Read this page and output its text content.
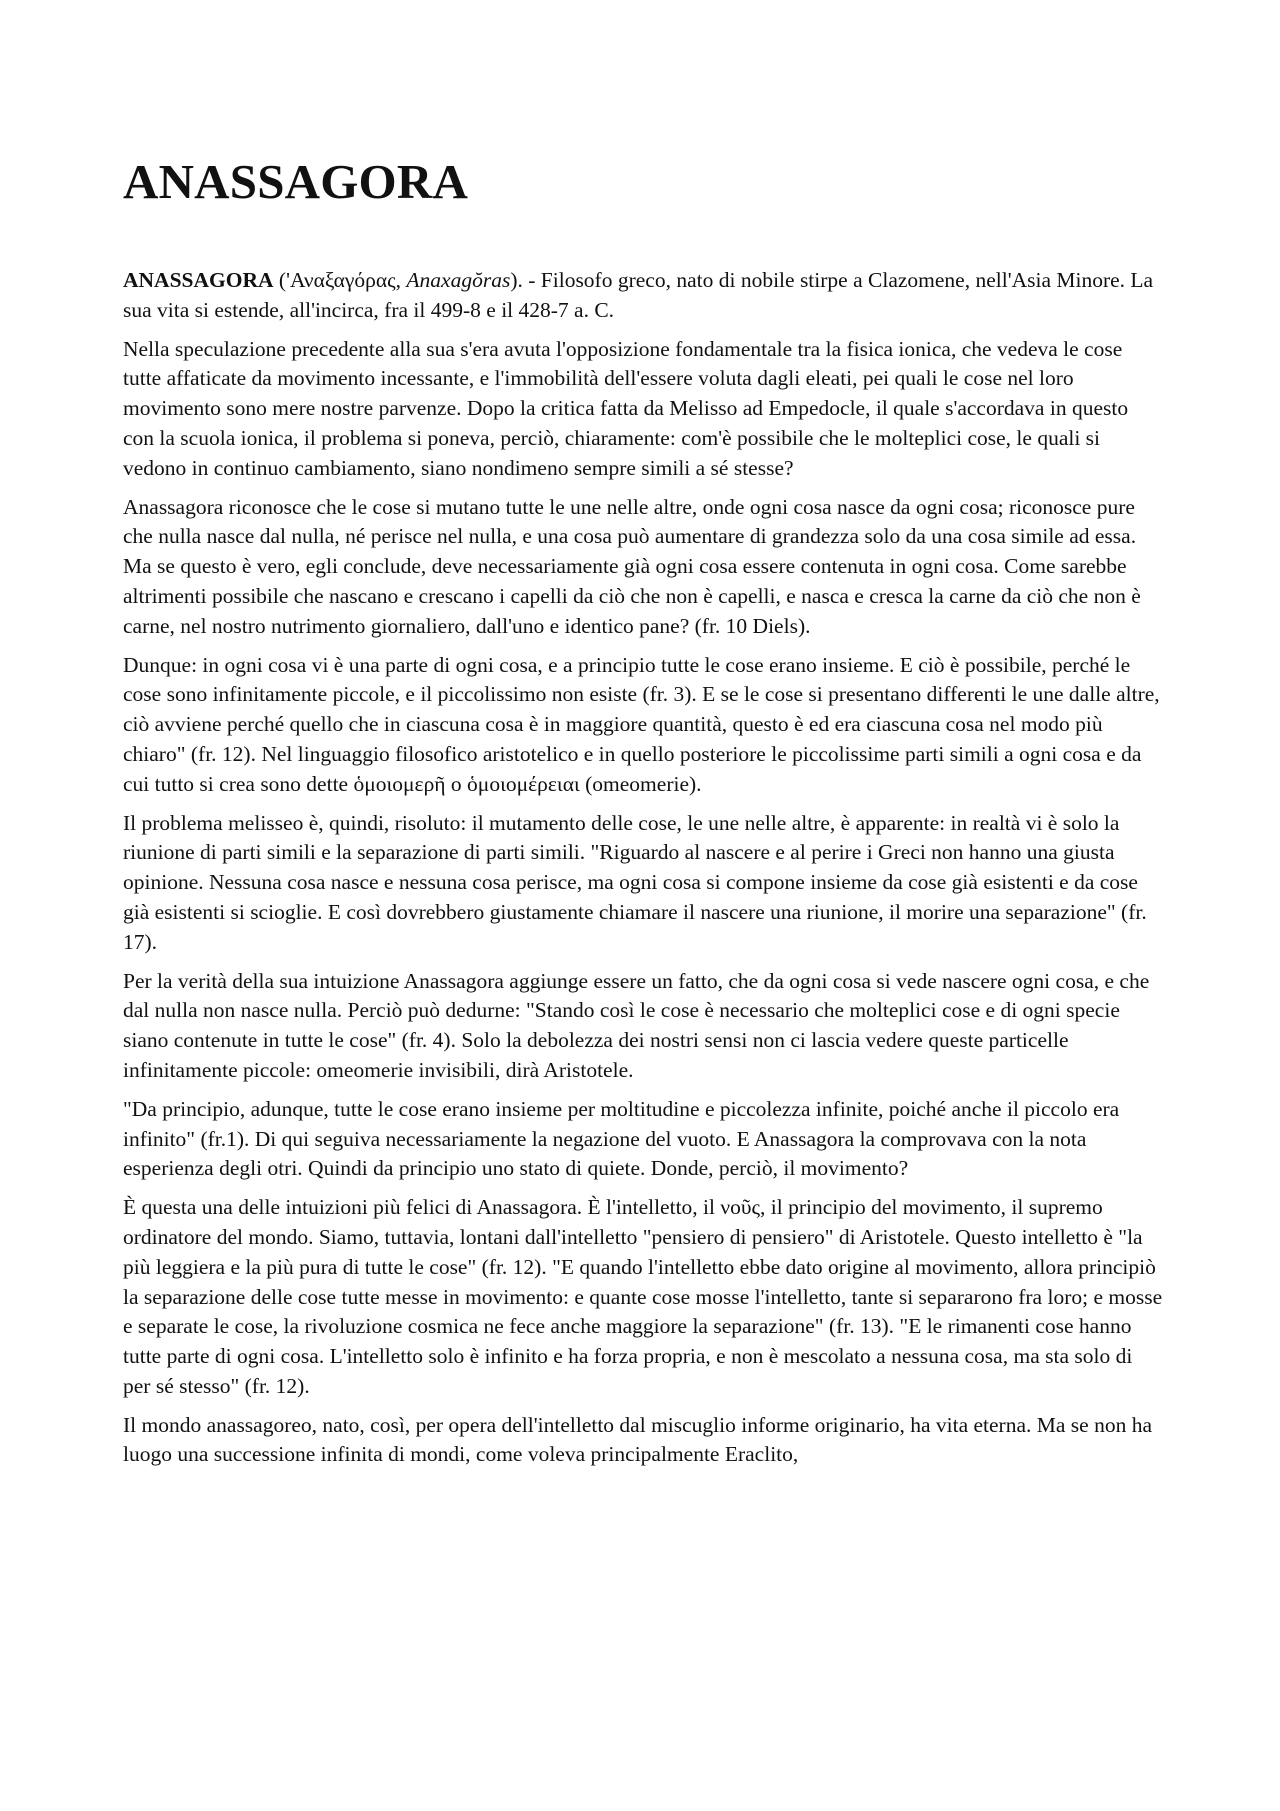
ANASSAGORA

ANASSAGORA ('Αναξαγόρας, Anaxagŏras). - Filosofo greco, nato di nobile stirpe a Clazomene, nell'Asia Minore. La sua vita si estende, all'incirca, fra il 499-8 e il 428-7 a. C.

Nella speculazione precedente alla sua s'era avuta l'opposizione fondamentale tra la fisica ionica, che vedeva le cose tutte affaticate da movimento incessante, e l'immobilità dell'essere voluta dagli eleati, pei quali le cose nel loro movimento sono mere nostre parvenze. Dopo la critica fatta da Melisso ad Empedocle, il quale s'accordava in questo con la scuola ionica, il problema si poneva, perciò, chiaramente: com'è possibile che le molteplici cose, le quali si vedono in continuo cambiamento, siano nondimeno sempre simili a sé stesse?

Anassagora riconosce che le cose si mutano tutte le une nelle altre, onde ogni cosa nasce da ogni cosa; riconosce pure che nulla nasce dal nulla, né perisce nel nulla, e una cosa può aumentare di grandezza solo da una cosa simile ad essa. Ma se questo è vero, egli conclude, deve necessariamente già ogni cosa essere contenuta in ogni cosa. Come sarebbe altrimenti possibile che nascano e crescano i capelli da ciò che non è capelli, e nasca e cresca la carne da ciò che non è carne, nel nostro nutrimento giornaliero, dall'uno e identico pane? (fr. 10 Diels).

Dunque: in ogni cosa vi è una parte di ogni cosa, e a principio tutte le cose erano insieme. E ciò è possibile, perché le cose sono infinitamente piccole, e il piccolissimo non esiste (fr. 3). E se le cose si presentano differenti le une dalle altre, ciò avviene perché quello che in ciascuna cosa è in maggiore quantità, questo è ed era ciascuna cosa nel modo più chiaro" (fr. 12). Nel linguaggio filosofico aristotelico e in quello posteriore le piccolissime parti simili a ogni cosa e da cui tutto si crea sono dette ὁμοιομερῆ o ὁμοιομέρειαι (omeomerie).

Il problema melisseo è, quindi, risoluto: il mutamento delle cose, le une nelle altre, è apparente: in realtà vi è solo la riunione di parti simili e la separazione di parti simili. "Riguardo al nascere e al perire i Greci non hanno una giusta opinione. Nessuna cosa nasce e nessuna cosa perisce, ma ogni cosa si compone insieme da cose già esistenti e da cose già esistenti si scioglie. E così dovrebbero giustamente chiamare il nascere una riunione, il morire una separazione" (fr. 17).

Per la verità della sua intuizione Anassagora aggiunge essere un fatto, che da ogni cosa si vede nascere ogni cosa, e che dal nulla non nasce nulla. Perciò può dedurne: "Stando così le cose è necessario che molteplici cose e di ogni specie siano contenute in tutte le cose" (fr. 4). Solo la debolezza dei nostri sensi non ci lascia vedere queste particelle infinitamente piccole: omeomerie invisibili, dirà Aristotele.

"Da principio, adunque, tutte le cose erano insieme per moltitudine e piccolezza infinite, poiché anche il piccolo era infinito" (fr.1). Di qui seguiva necessariamente la negazione del vuoto. E Anassagora la comprovava con la nota esperienza degli otri. Quindi da principio uno stato di quiete. Donde, perciò, il movimento?

È questa una delle intuizioni più felici di Anassagora. È l'intelletto, il νοῦς, il principio del movimento, il supremo ordinatore del mondo. Siamo, tuttavia, lontani dall'intelletto "pensiero di pensiero" di Aristotele. Questo intelletto è "la più leggiera e la più pura di tutte le cose" (fr. 12). "E quando l'intelletto ebbe dato origine al movimento, allora principiò la separazione delle cose tutte messe in movimento: e quante cose mosse l'intelletto, tante si separarono fra loro; e mosse e separate le cose, la rivoluzione cosmica ne fece anche maggiore la separazione" (fr. 13). "E le rimanenti cose hanno tutte parte di ogni cosa. L'intelletto solo è infinito e ha forza propria, e non è mescolato a nessuna cosa, ma sta solo di per sé stesso" (fr. 12).

Il mondo anassagoreo, nato, così, per opera dell'intelletto dal miscuglio informe originario, ha vita eterna. Ma se non ha luogo una successione infinita di mondi, come voleva principalmente Eraclito,
